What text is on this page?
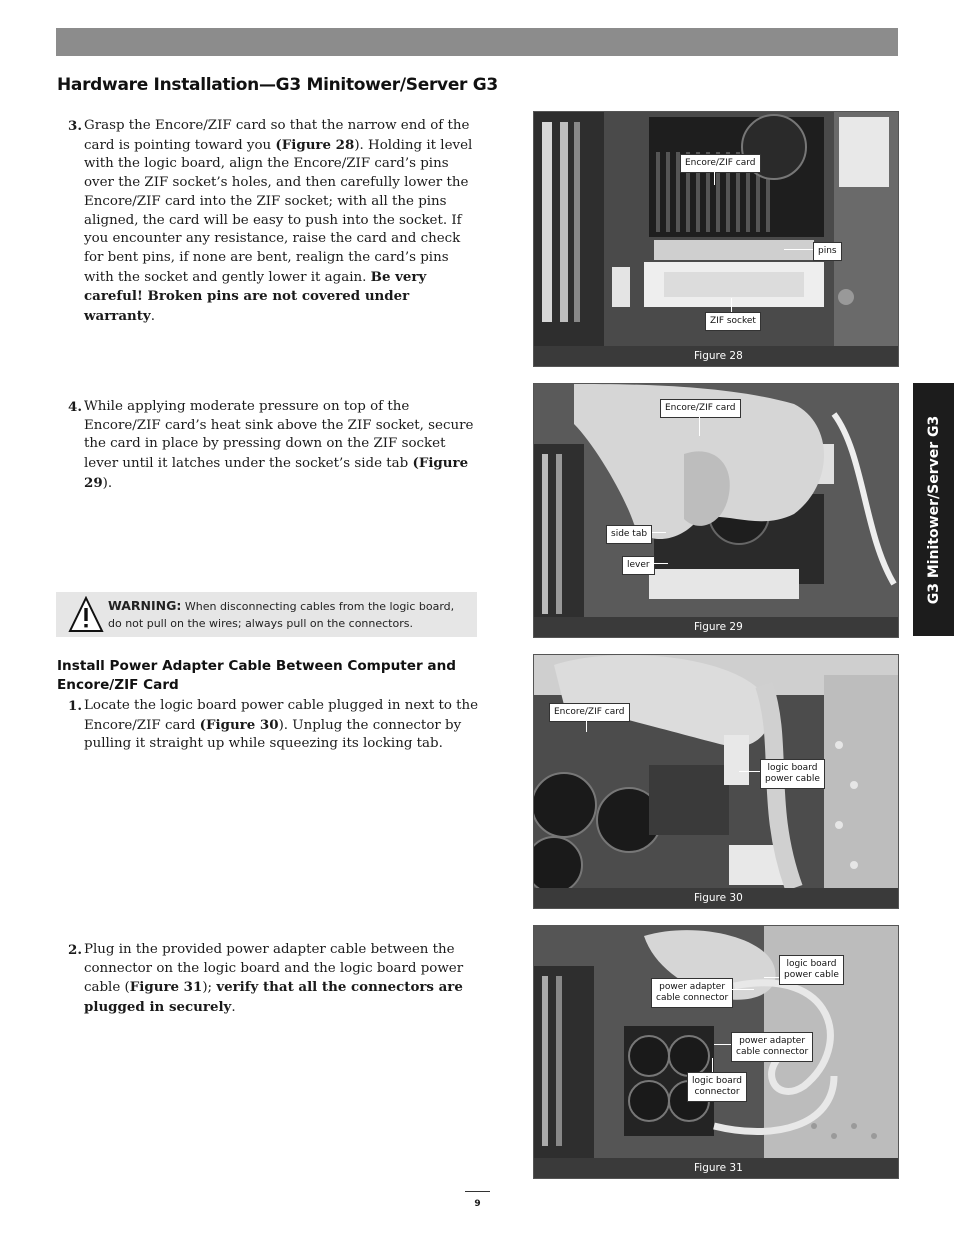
Hardware Installation—G3 Minitower/Server G3
3. Grasp the Encore/ZIF card so that the narrow end of the card is pointing toward you (Figure 28). Holding it level with the logic board, align the Encore/ZIF card’s pins over the ZIF socket’s holes, and then carefully lower the Encore/ZIF card into the ZIF socket; with all the pins aligned, the card will be easy to push into the socket. If you encounter any resistance, raise the card and check for bent pins, if none are bent, realign the card’s pins with the socket and gently lower it again. Be very careful! Broken pins are not covered under warranty.
4. While applying moderate pressure on top of the Encore/ZIF card’s heat sink above the ZIF socket, secure the card in place by pressing down on the ZIF socket lever until it latches under the socket’s side tab (Figure 29).
WARNING: When disconnecting cables from the logic board, do not pull on the wires; always pull on the connectors.
Install Power Adapter Cable Between Computer and Encore/ZIF Card
1. Locate the logic board power cable plugged in next to the Encore/ZIF card (Figure 30). Unplug the connector by pulling it straight up while squeezing its locking tab.
2. Plug in the provided power adapter cable between the connector on the logic board and the logic board power cable (Figure 31); verify that all the connectors are plugged in securely.
G3 Minitower/Server G3
Encore/ZIF card
pins
ZIF socket
Figure 28
Encore/ZIF card
side tab
lever
Figure 29
Encore/ZIF card
logic board
power cable
Figure 30
logic board
power cable
power adapter
cable connector
power adapter
cable connector
logic board
connector
Figure 31
9
